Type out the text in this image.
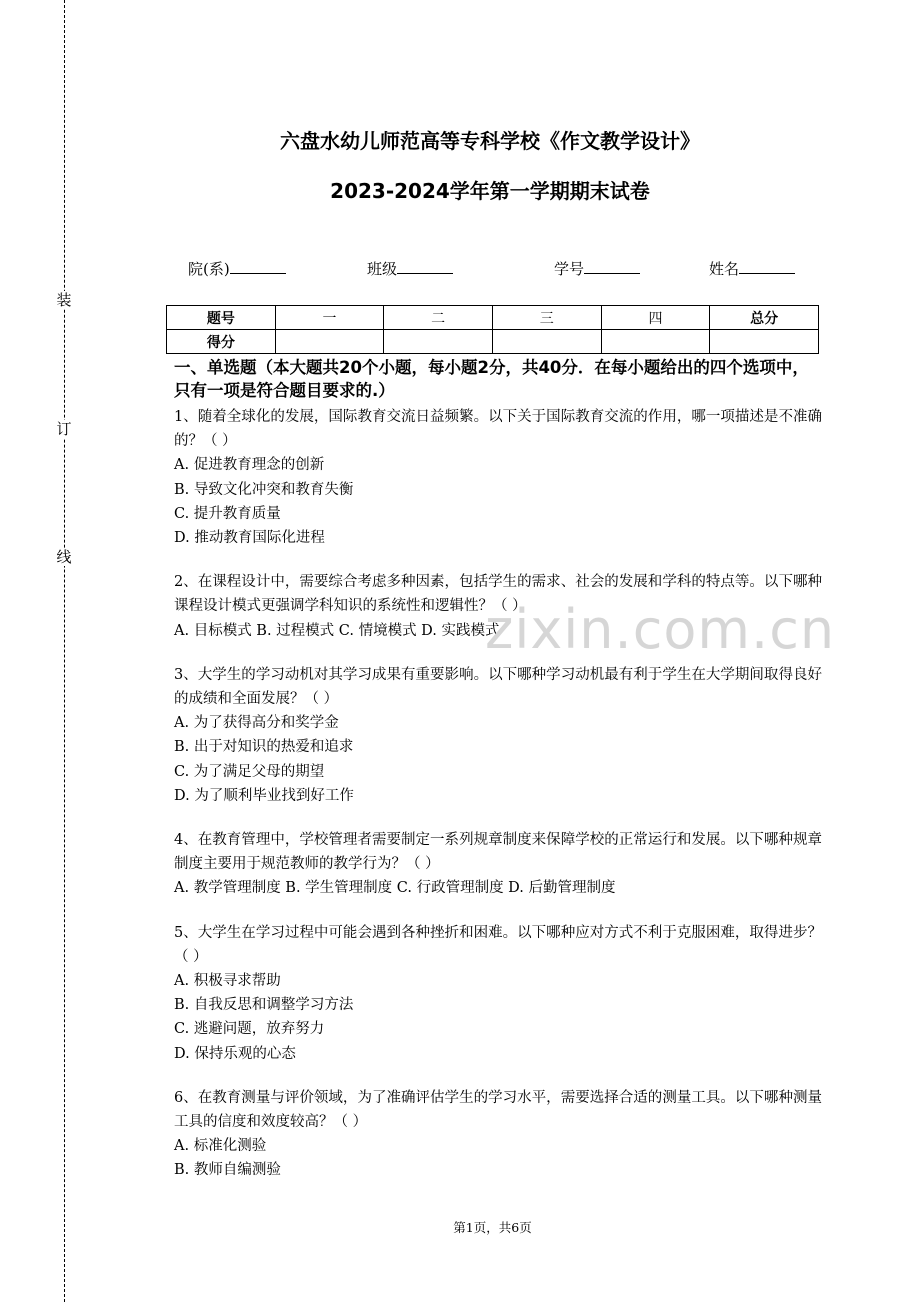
装
订
线
六盘水幼儿师范高等专科学校《作文教学设计》
2023-2024学年第一学期期末试卷
院(系)	班级	学号	姓名
题号	一	二	三	四	总分
得分					
一、单选题（本大题共20个小题，每小题2分，共40分．在每小题给出的四个选项中，只有一项是符合题目要求的.）
1、随着全球化的发展，国际教育交流日益频繁。以下关于国际教育交流的作用，哪一项描述是不准确的？（ ）
A. 促进教育理念的创新
B. 导致文化冲突和教育失衡
C. 提升教育质量
D. 推动教育国际化进程
2、在课程设计中，需要综合考虑多种因素，包括学生的需求、社会的发展和学科的特点等。以下哪种课程设计模式更强调学科知识的系统性和逻辑性？（ ）
A. 目标模式 B. 过程模式 C. 情境模式 D. 实践模式
3、大学生的学习动机对其学习成果有重要影响。以下哪种学习动机最有利于学生在大学期间取得良好的成绩和全面发展？（ ）
A. 为了获得高分和奖学金
B. 出于对知识的热爱和追求
C. 为了满足父母的期望
D. 为了顺利毕业找到好工作
4、在教育管理中，学校管理者需要制定一系列规章制度来保障学校的正常运行和发展。以下哪种规章制度主要用于规范教师的教学行为？（ ）
A. 教学管理制度 B. 学生管理制度 C. 行政管理制度 D. 后勤管理制度
5、大学生在学习过程中可能会遇到各种挫折和困难。以下哪种应对方式不利于克服困难，取得进步？（ ）
A. 积极寻求帮助
B. 自我反思和调整学习方法
C. 逃避问题，放弃努力
D. 保持乐观的心态
6、在教育测量与评价领域，为了准确评估学生的学习水平，需要选择合适的测量工具。以下哪种测量工具的信度和效度较高？（ ）
A. 标准化测验
B. 教师自编测验
zixin.com.cn
第1页，共6页
